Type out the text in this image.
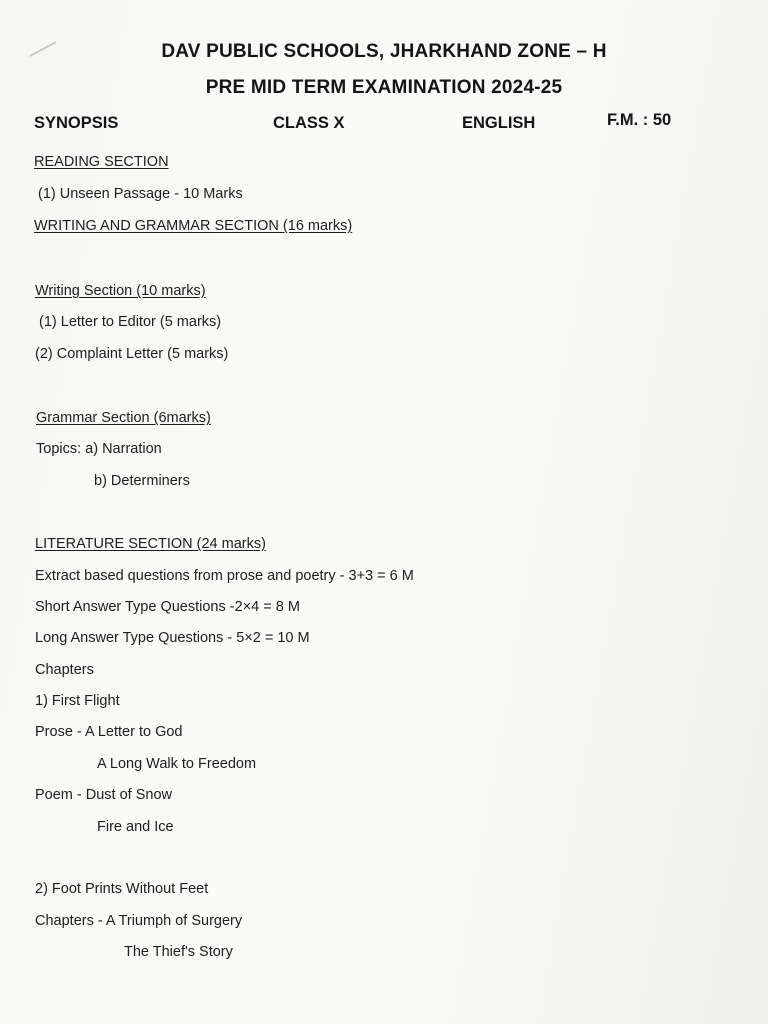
DAV PUBLIC SCHOOLS, JHARKHAND ZONE – H
PRE MID TERM EXAMINATION 2024-25
SYNOPSIS	CLASS X	ENGLISH	F.M. : 50
READING SECTION
(1) Unseen Passage - 10 Marks
WRITING AND GRAMMAR SECTION (16 marks)
Writing Section (10 marks)
(1) Letter to Editor (5 marks)
(2) Complaint Letter (5 marks)
Grammar Section (6marks)
Topics: a) Narration
b) Determiners
LITERATURE SECTION (24 marks)
Extract based questions from prose and poetry - 3+3 = 6 M
Short Answer Type Questions -2×4 = 8 M
Long Answer Type Questions - 5×2 = 10 M
Chapters
1) First Flight
Prose - A Letter to God
A Long Walk to Freedom
Poem - Dust of Snow
Fire and Ice
2) Foot Prints Without Feet
Chapters - A Triumph of Surgery
The Thief's Story
